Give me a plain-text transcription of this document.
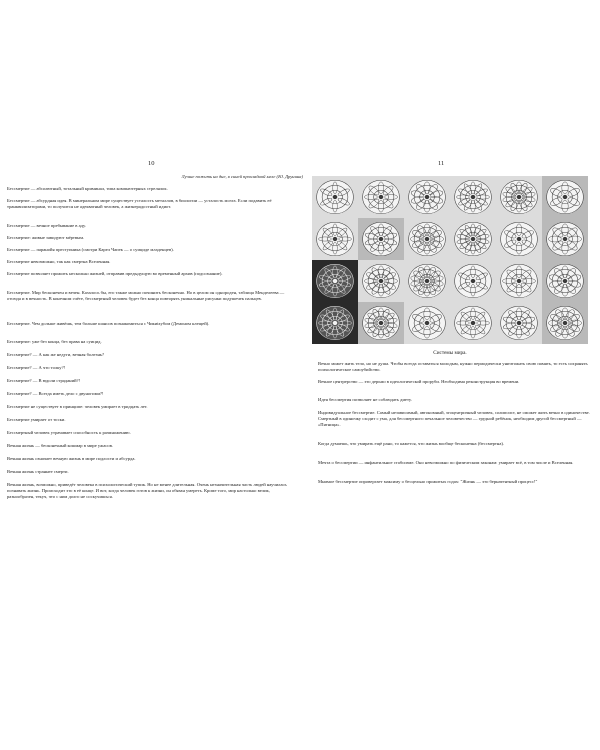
10
Лучше пожить на дне, в синей прохладной мгле (Ю. Друнина)

Бессмертие — абсолютный, тотальный криминал, типа компьютерных стрелялок.

Бессмертие — абсурдная идея. В минеральном мире существует усталость металлов, в биологии — усталость мозга. Если подавить её транквилизаторами, то получится не адекватный человек, а жизнерадостный идиот.

Бессмертие — вечное пребывание в аду.

Бессмертие: живые завидуют мёртвым.

Бессмертие — паранойя преступника (смотри Карел Чапек — о суициде младенцев).

Бессмертие невозможно, так как смертна Вселенная.

Бессмертие позволяет прожить несколько жизней, отправив предыдущую во временный архив (подсознание).

Бессмертие. Мир бесконечен и вечен. Казалось бы, его также можно починить бесконечно. Но в целом он однороден, таблица Менделеева — отсюда и в вечность. В конечном счёте, бессмертный человек будет без конца повторять уникальные рисунки подушечек пальцев.

Бессмертие. Чем дольше живёшь, тем больше шансов познакомиться с Чикиtzубом (Демоном клещей).

Бессмертие: уже без конца, без права на суицид.

Бессмертие? — А как же недуги, вечная болезнь?

Бессмертие? — А что толку?!

Бессмертие? — В юдоли страданий?!

Бессмертие? — Всегда иметь дело с двуногими?!

Бессмертие не существует в принципе: человек умирает в тридцать лет.

Бессмертие умирает от тоски.

Бессмертный человек утрачивает способность к размножению.

Вечная жизнь — бесконечный кошмар в мире ужасов.

Вечная жизнь означает вечную жизнь в мире подлости и абсурда.

Вечная жизнь страннее смерти.

Вечная жизнь, возможно, приведёт человека в психологический тупик. Но не менее длительная. Очень незначительная часть людей научилась познавать жизнь. Происходит это в её конце. И вот, когда человек готов к жизни, он обязан умереть. Кроме того, мир настолько велик, разнообразен, текуч, что с ним долго не соскучишься.

11
Системы мира.

Вечно может жить тело, но не душа. Чтобы всегда оставаться молодым, нужно периодически уничтожать свою память, то есть сохранять психологическое самоубийство.

Вечное центрерство — это дерьмо в идеологической проруби. Необходима реконструкция во времени.

Идея бессмертия позволяет не соблюдать диету.

Индивидуальное бессмертие. Самый независимый, автономный, эгоцентричный человек, солипсист, не сможет жить вечно в одиночестве. Смертный в одиночку сходит с ума, для бессмертного печальное человечество — грудной ребёнок, необходим другой бессмертный — «Пятница».

Когда думаешь, что умирать ещё рано, то кажется, что жизнь вообще бесконечна (бессмертна).

Мечта о бессмертии — инфантильное стабсизме. Оно невозможно по физическим законам: умирает всё, в том числе и Вселенная.

Мнимое бессмертие опровергает максиму о бесцельно прожитых годах: "Жизнь — это бернатентный процесс!"
